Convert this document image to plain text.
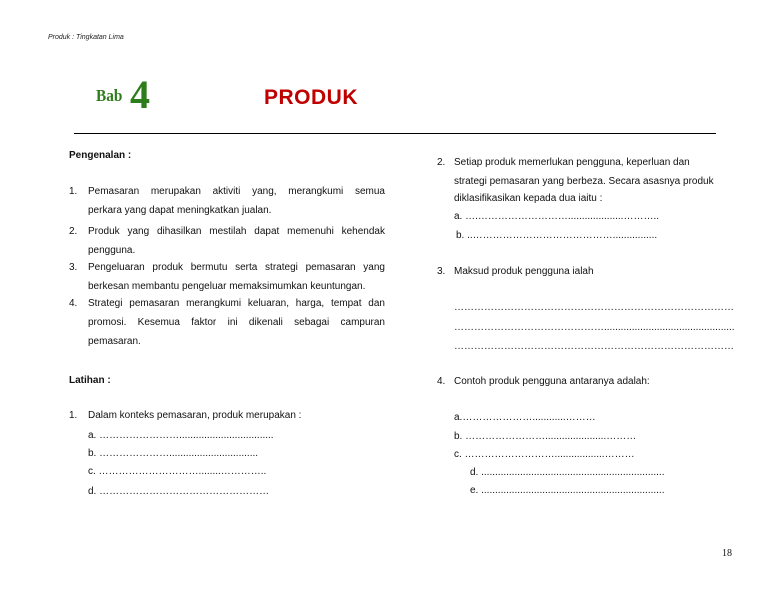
Produk : Tingkatan Lima
Bab 4	PRODUK
Pengenalan :
1. Pemasaran merupakan aktiviti yang, merangkumi semua
perkara yang dapat meningkatkan jualan.
2. Produk yang dihasilkan mestilah dapat memenuhi kehendak
pengguna.
3. Pengeluaran produk bermutu serta strategi pemasaran yang
berkesan membantu pengeluar memaksimumkan keuntungan.
4. Strategi pemasaran merangkumi keluaran, harga, tempat dan
promosi. Kesemua faktor ini dikenali sebagai campuran
pemasaran.
Latihan :
1. Dalam konteks pemasaran, produk merupakan :
a. ……………………..................................
b. …………………................................
c. …………………………........…………..
d. ……………………………………………
2. Setiap produk memerlukan pengguna, keperluan dan
strategi pemasaran yang berbeza. Secara asasnya produk
diklasifikasikan kepada dua iaitu :
a. ….………………………....................………..
b. ..……………………………………................
3. Maksud produk pengguna ialah
…………………………………………………………………………
………………………………………...............................................
…………………………………………………………………………
4. Contoh produk pengguna antaranya adalah:
a.…………………............………
b. ……………………......................………
c. ………………………..................………
d. ..................................................................
e. ..................................................................
18
